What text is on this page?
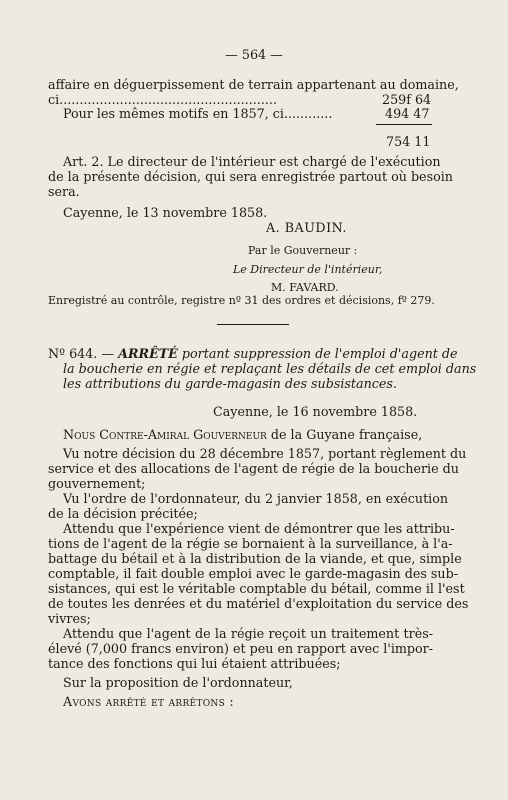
— 564 —
affaire en déguerpissement de terrain appartenant au domaine,
ci......................................................	259f 64
Pour les mêmes motifs en 1857, ci............	494 47
754 11
Art. 2. Le directeur de l'intérieur est chargé de l'exécution
de la présente décision, qui sera enregistrée partout où besoin
sera.
Cayenne, le 13 novembre 1858.
A. BAUDIN.
Par le Gouverneur :
Le Directeur de l'intérieur,
M. FAVARD.
Enregistré au contrôle, registre nº 31 des ordres et décisions, fº 279.
Nº 644. — ARRÊTÉ portant suppression de l'emploi d'agent de
la boucherie en régie et replaçant les détails de cet emploi dans
les attributions du garde-magasin des subsistances.
Cayenne, le 16 novembre 1858.
Nous Contre-Amiral Gouverneur de la Guyane française,
Vu notre décision du 28 décembre 1857, portant règlement du
service et des allocations de l'agent de régie de la boucherie du
gouvernement;
Vu l'ordre de l'ordonnateur, du 2 janvier 1858, en exécution
de la décision précitée;
Attendu que l'expérience vient de démontrer que les attribu-
tions de l'agent de la régie se bornaient à la surveillance, à l'a-
battage du bétail et à la distribution de la viande, et que, simple
comptable, il fait double emploi avec le garde-magasin des sub-
sistances, qui est le véritable comptable du bétail, comme il l'est
de toutes les denrées et du matériel d'exploitation du service des
vivres;
Attendu que l'agent de la régie reçoit un traitement très-
élevé (7,000 francs environ) et peu en rapport avec l'impor-
tance des fonctions qui lui étaient attribuées;
Sur la proposition de l'ordonnateur,
Avons arrêté et arrêtons :
